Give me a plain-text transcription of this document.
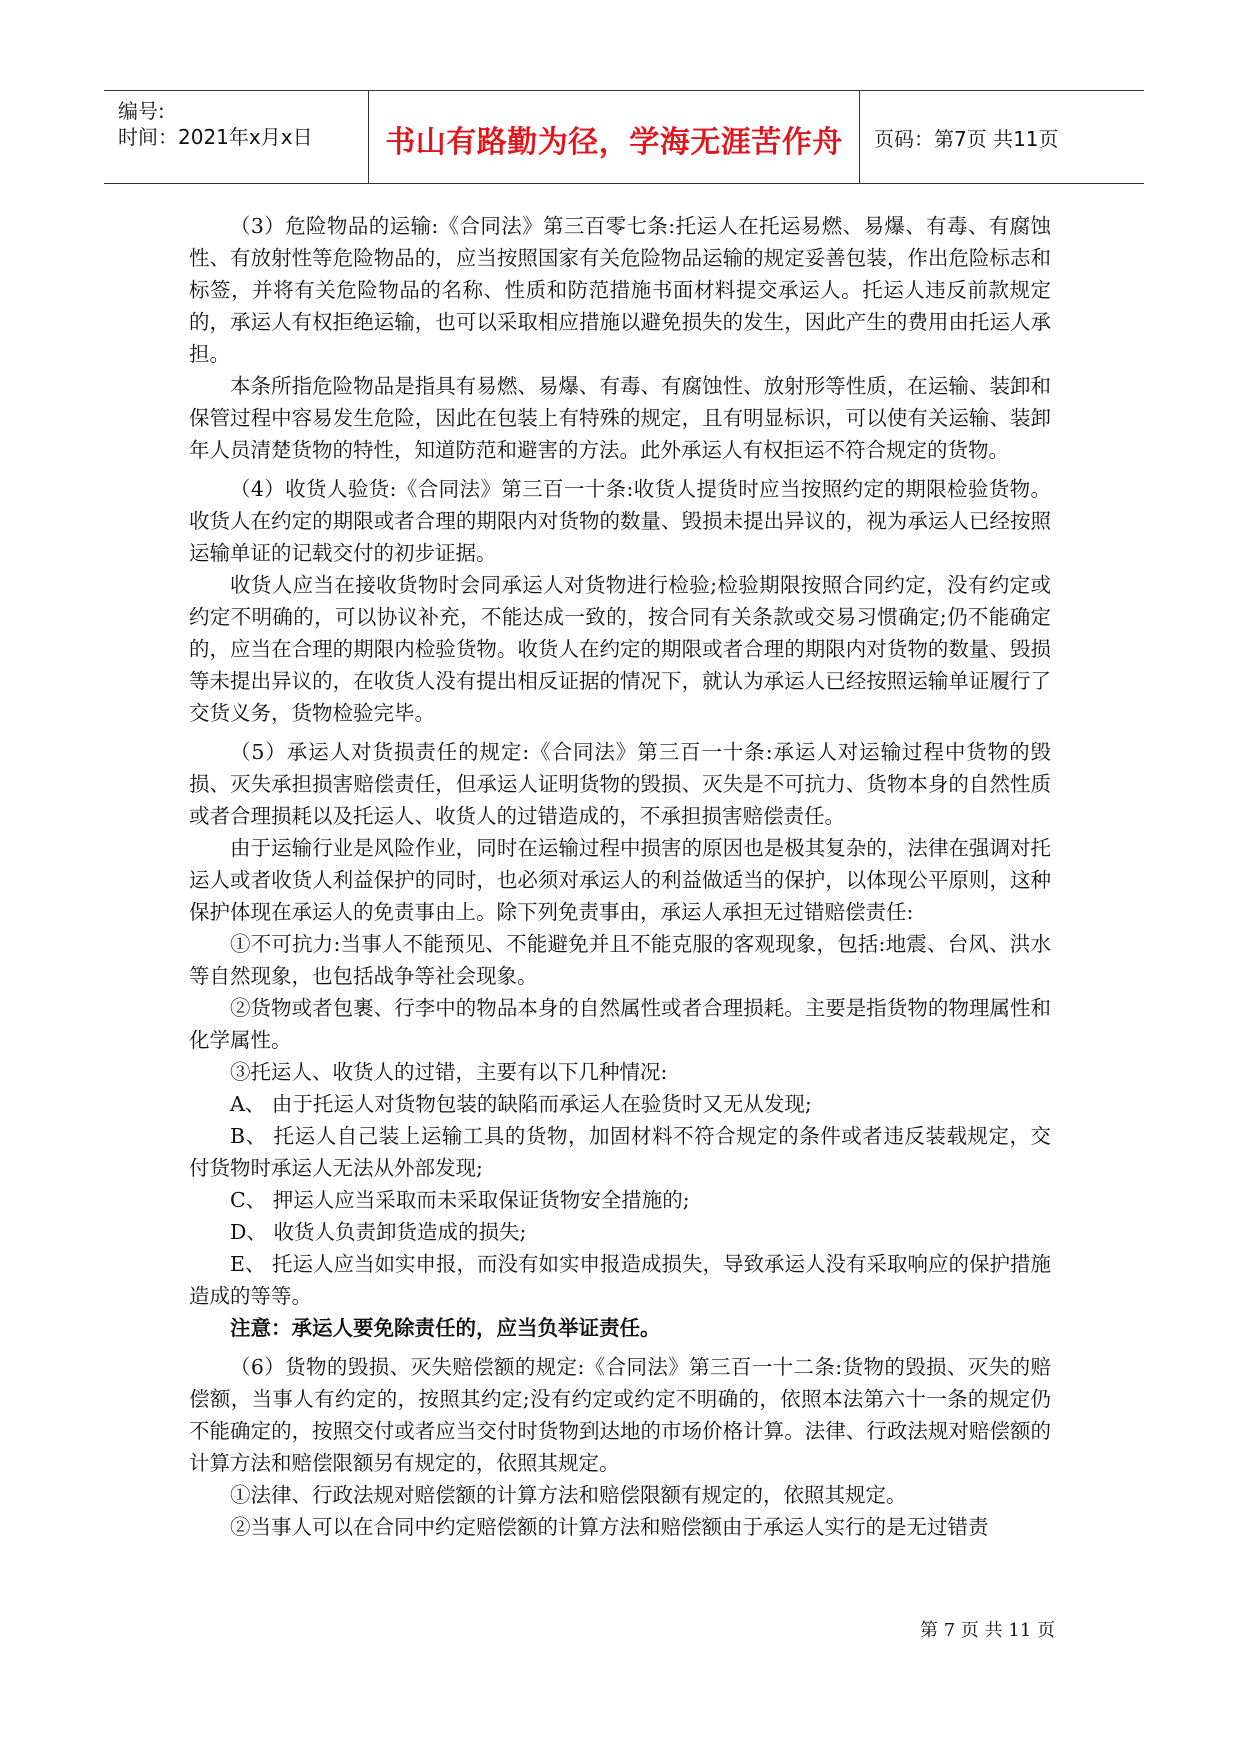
编号:
时间：2021年x月x日	书山有路勤为径，学海无涯苦作舟	页码：第7页 共11页

（3）危险物品的运输:《合同法》第三百零七条:托运人在托运易燃、易爆、有毒、有腐蚀性、有放射性等危险物品的，应当按照国家有关危险物品运输的规定妥善包装，作出危险标志和标签，并将有关危险物品的名称、性质和防范措施书面材料提交承运人。托运人违反前款规定的，承运人有权拒绝运输，也可以采取相应措施以避免损失的发生，因此产生的费用由托运人承担。

本条所指危险物品是指具有易燃、易爆、有毒、有腐蚀性、放射形等性质，在运输、装卸和保管过程中容易发生危险，因此在包装上有特殊的规定，且有明显标识，可以使有关运输、装卸年人员清楚货物的特性，知道防范和避害的方法。此外承运人有权拒运不符合规定的货物。

（4）收货人验货:《合同法》第三百一十条:收货人提货时应当按照约定的期限检验货物。收货人在约定的期限或者合理的期限内对货物的数量、毁损未提出异议的，视为承运人已经按照运输单证的记载交付的初步证据。

收货人应当在接收货物时会同承运人对货物进行检验;检验期限按照合同约定，没有约定或约定不明确的，可以协议补充，不能达成一致的，按合同有关条款或交易习惯确定;仍不能确定的，应当在合理的期限内检验货物。收货人在约定的期限或者合理的期限内对货物的数量、毁损等未提出异议的，在收货人没有提出相反证据的情况下，就认为承运人已经按照运输单证履行了交货义务，货物检验完毕。

（5）承运人对货损责任的规定:《合同法》第三百一十条:承运人对运输过程中货物的毁损、灭失承担损害赔偿责任，但承运人证明货物的毁损、灭失是不可抗力、货物本身的自然性质或者合理损耗以及托运人、收货人的过错造成的，不承担损害赔偿责任。

由于运输行业是风险作业，同时在运输过程中损害的原因也是极其复杂的，法律在强调对托运人或者收货人利益保护的同时，也必须对承运人的利益做适当的保护，以体现公平原则，这种保护体现在承运人的免责事由上。除下列免责事由，承运人承担无过错赔偿责任:

①不可抗力:当事人不能预见、不能避免并且不能克服的客观现象，包括:地震、台风、洪水等自然现象，也包括战争等社会现象。

②货物或者包裹、行李中的物品本身的自然属性或者合理损耗。主要是指货物的物理属性和化学属性。

③托运人、收货人的过错，主要有以下几种情况:

A、 由于托运人对货物包装的缺陷而承运人在验货时又无从发现;

B、 托运人自己装上运输工具的货物，加固材料不符合规定的条件或者违反装载规定，交付货物时承运人无法从外部发现;

C、 押运人应当采取而未采取保证货物安全措施的;

D、 收货人负责卸货造成的损失;

E、 托运人应当如实申报，而没有如实申报造成损失，导致承运人没有采取响应的保护措施造成的等等。

注意：承运人要免除责任的，应当负举证责任。

（6）货物的毁损、灭失赔偿额的规定:《合同法》第三百一十二条:货物的毁损、灭失的赔偿额，当事人有约定的，按照其约定;没有约定或约定不明确的，依照本法第六十一条的规定仍不能确定的，按照交付或者应当交付时货物到达地的市场价格计算。法律、行政法规对赔偿额的计算方法和赔偿限额另有规定的，依照其规定。

①法律、行政法规对赔偿额的计算方法和赔偿限额有规定的，依照其规定。

②当事人可以在合同中约定赔偿额的计算方法和赔偿额由于承运人实行的是无过错责

第 7 页 共 11 页
